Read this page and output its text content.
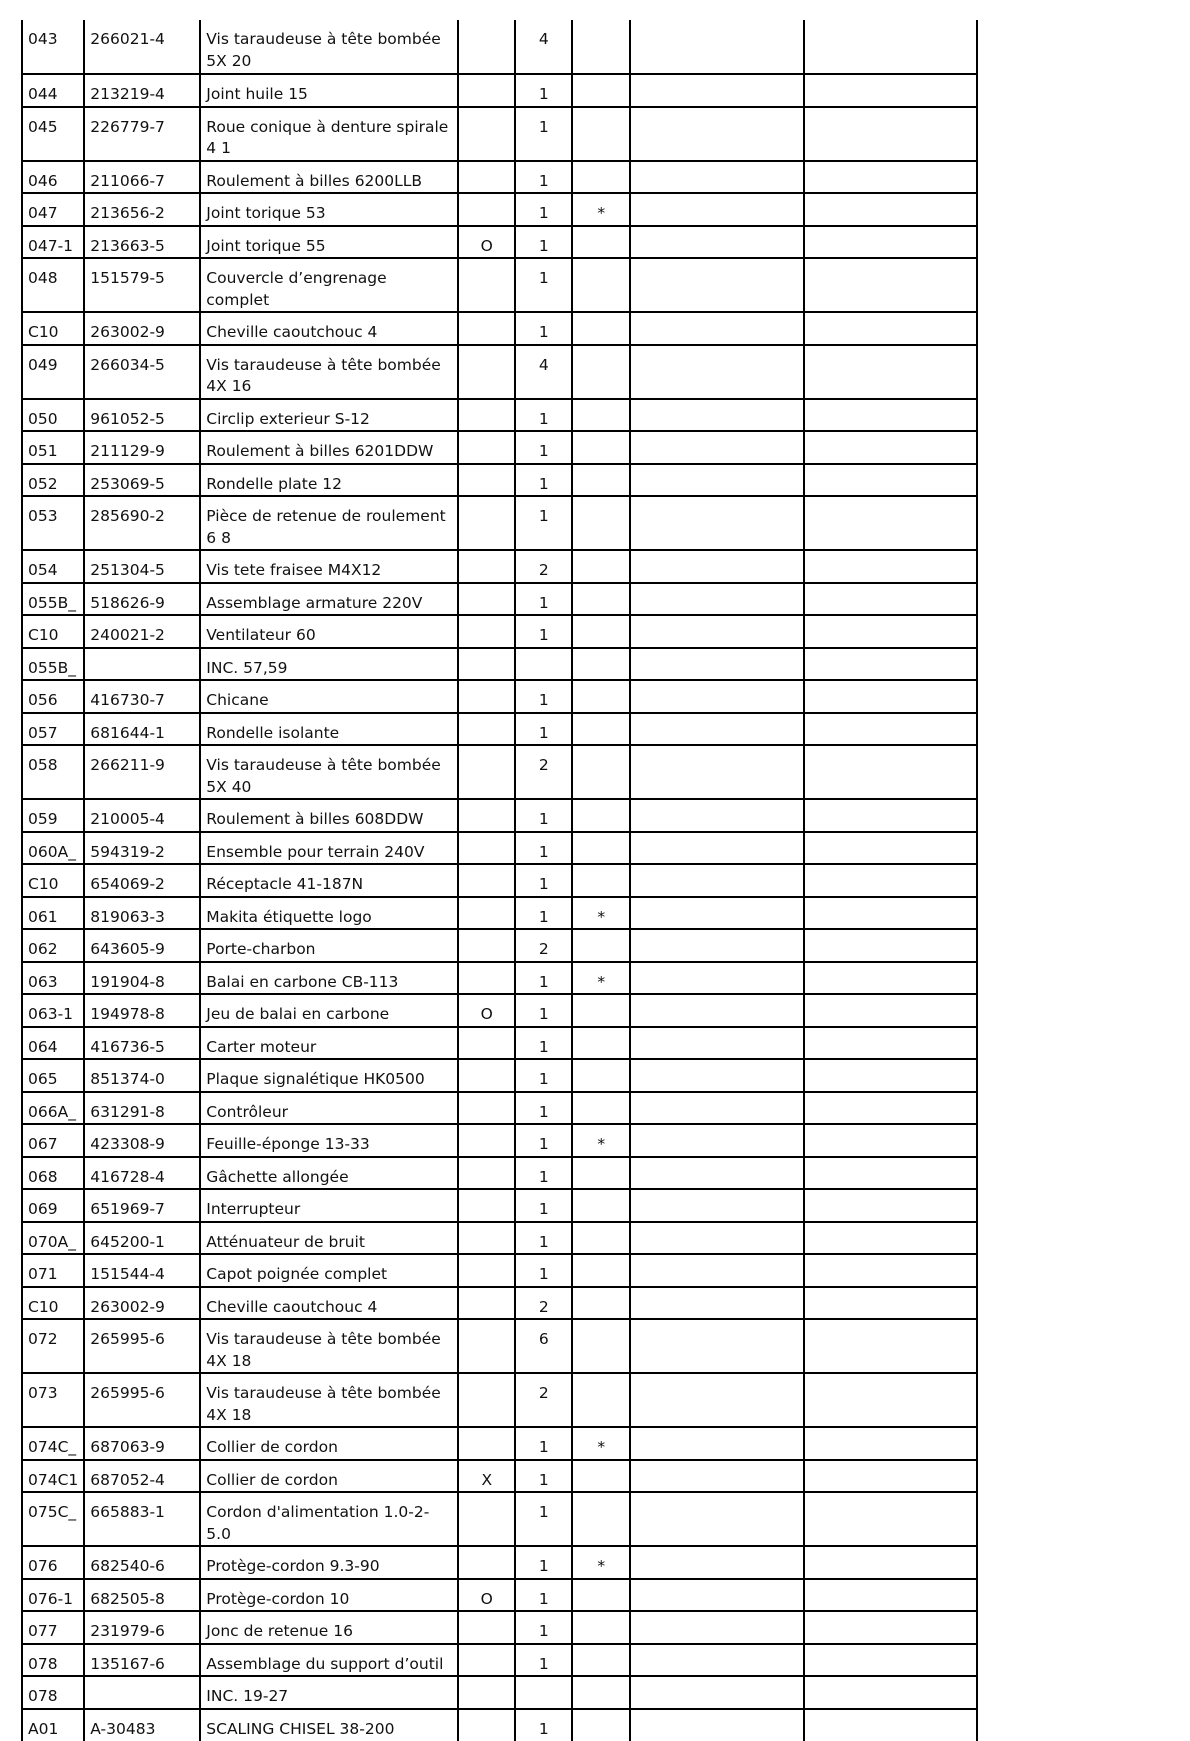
043	266021-4	Vis taraudeuse à tête bombée 5X 20		4			
044	213219-4	Joint huile 15		1			
045	226779-7	Roue conique à denture spirale 4 1		1			
046	211066-7	Roulement à billes 6200LLB		1			
047	213656-2	Joint torique 53		1	*		
047-1	213663-5	Joint torique 55	O	1			
048	151579-5	Couvercle d’engrenage complet		1			
C10	263002-9	Cheville caoutchouc 4		1			
049	266034-5	Vis taraudeuse à tête bombée 4X 16		4			
050	961052-5	Circlip exterieur S-12		1			
051	211129-9	Roulement à billes 6201DDW		1			
052	253069-5	Rondelle plate 12		1			
053	285690-2	Pièce de retenue de roulement 6 8		1			
054	251304-5	Vis tete fraisee M4X12		2			
055B_	518626-9	Assemblage armature 220V		1			
C10	240021-2	Ventilateur 60		1			
055B_		INC. 57,59					
056	416730-7	Chicane		1			
057	681644-1	Rondelle isolante		1			
058	266211-9	Vis taraudeuse à tête bombée 5X 40		2			
059	210005-4	Roulement à billes 608DDW		1			
060A_	594319-2	Ensemble pour terrain 240V		1			
C10	654069-2	Réceptacle 41-187N		1			
061	819063-3	Makita étiquette logo		1	*		
062	643605-9	Porte-charbon		2			
063	191904-8	Balai en carbone CB-113		1	*		
063-1	194978-8	Jeu de balai en carbone	O	1			
064	416736-5	Carter moteur		1			
065	851374-0	Plaque signalétique HK0500		1			
066A_	631291-8	Contrôleur		1			
067	423308-9	Feuille-éponge 13-33		1	*		
068	416728-4	Gâchette allongée		1			
069	651969-7	Interrupteur		1			
070A_	645200-1	Atténuateur de bruit		1			
071	151544-4	Capot poignée complet		1			
C10	263002-9	Cheville caoutchouc 4		2			
072	265995-6	Vis taraudeuse à tête bombée 4X 18		6			
073	265995-6	Vis taraudeuse à tête bombée 4X 18		2			
074C_	687063-9	Collier de cordon		1	*		
074C1	687052-4	Collier de cordon	X	1			
075C_	665883-1	Cordon d'alimentation 1.0-2-5.0		1			
076	682540-6	Protège-cordon 9.3-90		1	*		
076-1	682505-8	Protège-cordon 10	O	1			
077	231979-6	Jonc de retenue 16		1			
078	135167-6	Assemblage du support d’outil		1			
078		INC. 19-27					
A01	A-30483	SCALING CHISEL 38-200		1			
